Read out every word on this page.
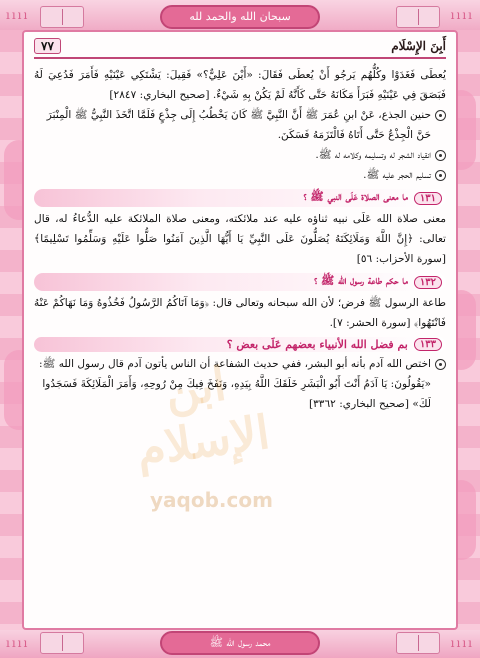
ıııı	ıııı
ıııı	ıııı
سبحان الله والحمد لله
محمد رسول الله ﷺ
أَبِنَ الإِسْلَام
٧٧

يُعطَى فَغَدَوْا وكُلُّهُم يَرجُو أَنْ يُعطَى فَقَالَ: «أَيْنَ عَلِيٌّ؟» فَقِيلَ: يَشْتَكِي عَيْنَيْهِ فَأَمَرَ فَدُعِيَ لَهُ فَبَصَقَ فِي عَيْنَيْهِ فَبَرَأَ مَكَانَهُ حَتَّى كَأَنَّهُ لَمْ يَكُنْ بِهِ شَيْءٌ. [صحيح البخاري: ٢٨٤٧]

حنين الجذع، عَنْ ابنِ عُمَرَ ﷺ أَنَّ النَّبِيَّ ﷺ كَانَ يَخْطُبُ إِلَى جِذْعٍ فَلَمَّا اتَّخَذَ النَّبِيُّ ﷺ الْمِنْبَرَ حَنَّ الْجِذْعُ حَتَّى أَتَاهُ فَالْتَزَمَهُ فَسَكَنَ.
انقياد الشجر له وتسليمه وكلامه له ﷺ.
تسليم الحجر عليه ﷺ.
١٣١
ما معنى الصلاة عَلَى النبي ﷺ ؟

معنى صلاة الله عَلَى نبيه ثناؤه عليه عند ملائكته، ومعنى صلاة الملائكة عليه الدُّعاءُ له، قال تعالى: ﴿إِنَّ اللَّهَ وَمَلَائِكَتَهُ يُصَلُّونَ عَلَى النَّبِيِّ يَا أَيُّهَا الَّذِينَ آمَنُوا صَلُّوا عَلَيْهِ وَسَلِّمُوا تَسْلِيمًا﴾ [سورة الأحزاب: ٥٦]

١٣٢
ما حكم طاعة رسول الله ﷺ ؟

طاعة الرسول ﷺ فرض؛ لأن الله سبحانه وتعالى قال: ﴿وَمَا آتَاكُمُ الرَّسُولُ فَخُذُوهُ وَمَا نَهَاكُمْ عَنْهُ فَانْتَهُوا﴾ [سورة الحشر: ٧].

١٣٣
بم فضل الله الأنبياء بعضهم عَلَى بعض ؟
اختص الله آدم بأنه أبو البشر، ففي حديث الشفاعة أن الناس يأتون آدم قال رسول الله ﷺ: «يَقُولُونَ: يَا آدَمُ أَنْتَ أَبُو الْبَشَرِ خَلَقَكَ اللَّهُ بِيَدِهِ، وَنَفَخَ فِيكَ مِنْ رُوحِهِ، وَأَمَرَ الْمَلَائِكَةَ فَسَجَدُوا لَكَ» [صحيح البخاري: ٣٣٦٢]
ابن الإسلام
yaqob.com
